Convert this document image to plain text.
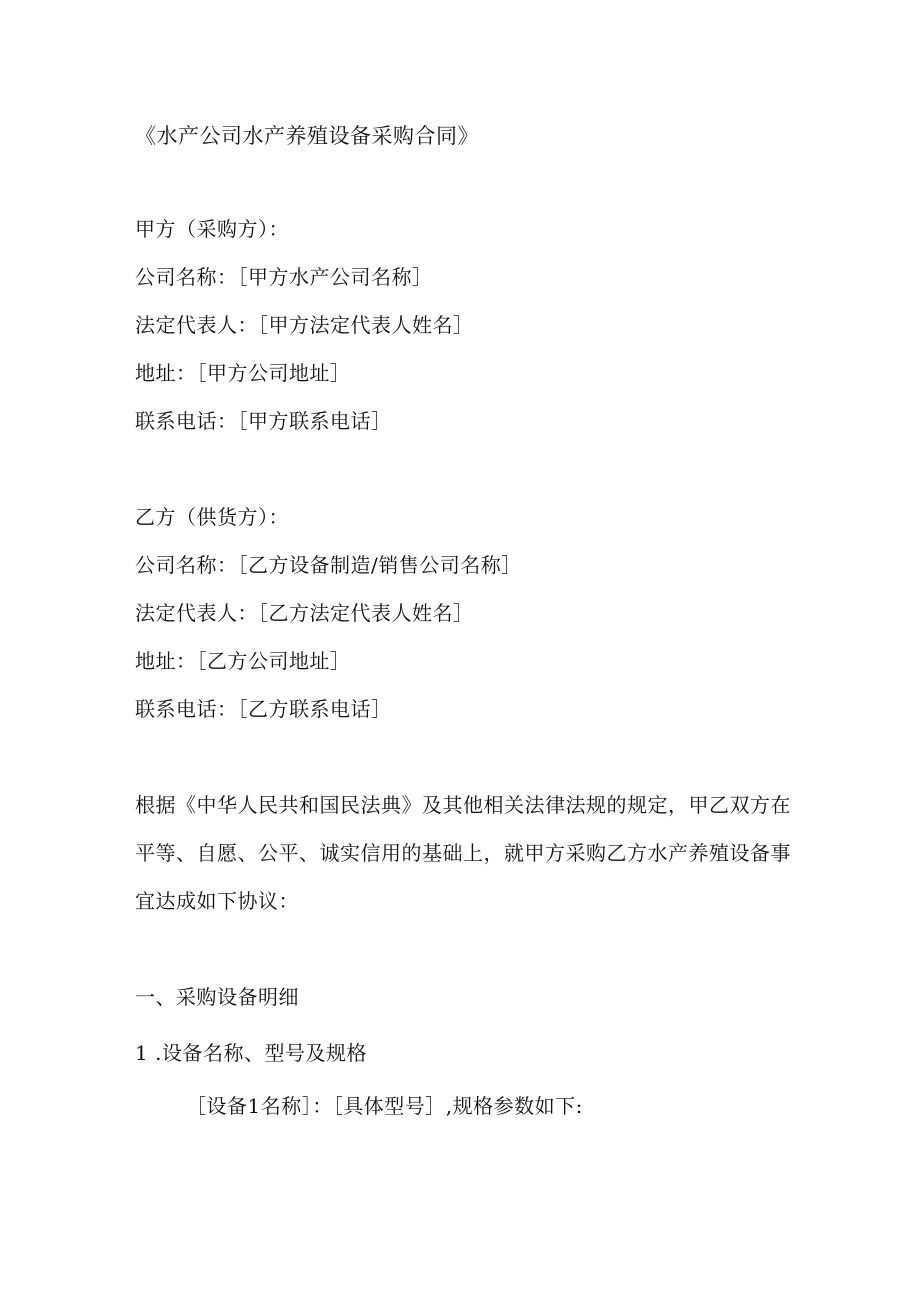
《水产公司水产养殖设备采购合同》
甲方（采购方）：
公司名称：［甲方水产公司名称］
法定代表人：［甲方法定代表人姓名］
地址：［甲方公司地址］
联系电话：［甲方联系电话］
乙方（供货方）：
公司名称：［乙方设备制造/销售公司名称］
法定代表人：［乙方法定代表人姓名］
地址：［乙方公司地址］
联系电话：［乙方联系电话］
根据《中华人民共和国民法典》及其他相关法律法规的规定，甲乙双方在
平等、自愿、公平、诚实信用的基础上，就甲方采购乙方水产养殖设备事
宜达成如下协议：
一、采购设备明细
1 .设备名称、型号及规格
［设备1名称］：［具体型号］,规格参数如下:
